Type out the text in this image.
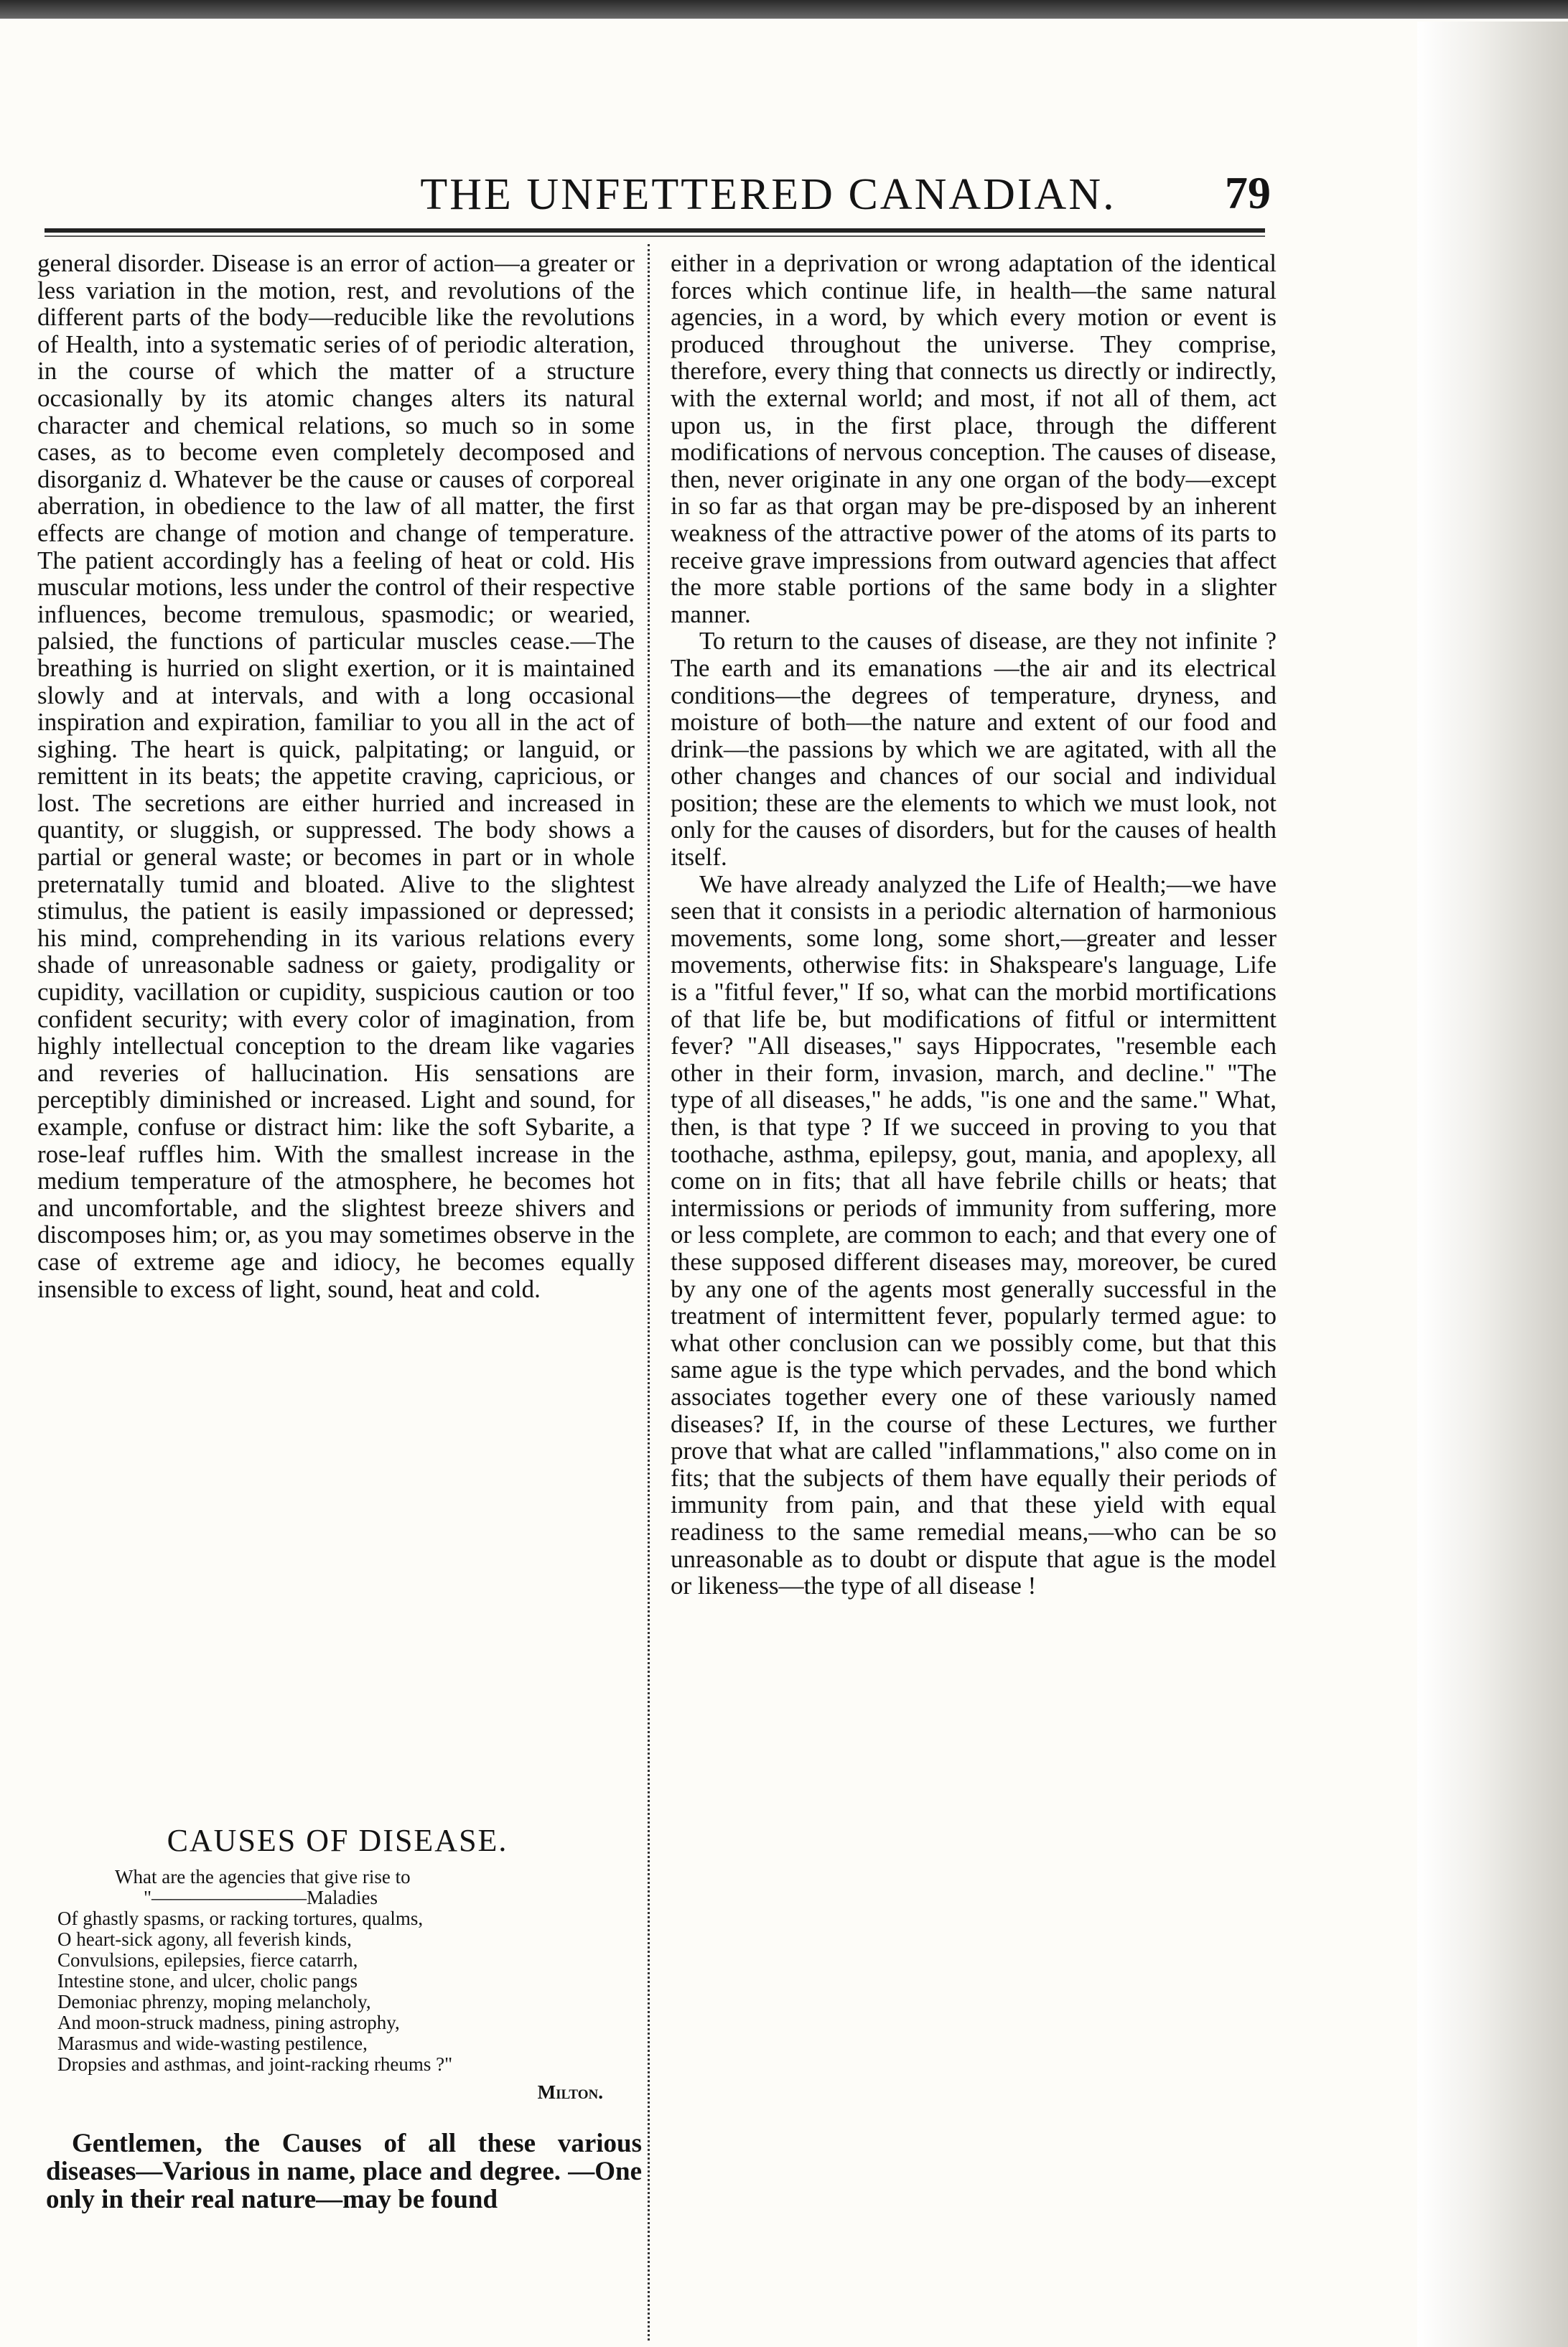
THE UNFETTERED CANADIAN.	79

general disorder. Disease is an error of action—a greater or less variation in the motion, rest, and revolutions of the different parts of the body—reducible like the revolutions of Health, into a systematic series of of periodic alteration, in the course of which the matter of a structure occasionally by its atomic changes alters its natural character and chemical relations, so much so in some cases, as to become even completely decomposed and disorganiz d. Whatever be the cause or causes of corporeal aberration, in obedience to the law of all matter, the first effects are change of motion and change of temperature. The patient accordingly has a feeling of heat or cold. His muscular motions, less under the control of their respective influences, become tremulous, spasmodic; or wearied, palsied, the functions of particular muscles cease.—The breathing is hurried on slight exertion, or it is maintained slowly and at intervals, and with a long occasional inspiration and expiration, familiar to you all in the act of sighing. The heart is quick, palpitating; or languid, or remittent in its beats; the appetite craving, capricious, or lost. The secretions are either hurried and increased in quantity, or sluggish, or suppressed. The body shows a partial or general waste; or becomes in part or in whole preternatally tumid and bloated. Alive to the slightest stimulus, the patient is easily impassioned or depressed; his mind, comprehending in its various relations every shade of unreasonable sadness or gaiety, prodigality or cupidity, vacillation or cupidity, suspicious caution or too confident security; with every color of imagination, from highly intellectual conception to the dream like vagaries and reveries of hallucination. His sensations are perceptibly diminished or increased. Light and sound, for example, confuse or distract him: like the soft Sybarite, a rose-leaf ruffles him. With the smallest increase in the medium temperature of the atmosphere, he becomes hot and uncomfortable, and the slightest breeze shivers and discomposes him; or, as you may sometimes observe in the case of extreme age and idiocy, he becomes equally insensible to excess of light, sound, heat and cold.

CAUSES OF DISEASE.
What are the agencies that give rise to
"————————Maladies
Of ghastly spasms, or racking tortures, qualms,
O heart-sick agony, all feverish kinds,
Convulsions, epilepsies, fierce catarrh,
Intestine stone, and ulcer, cholic pangs
Demoniac phrenzy, moping melancholy,
And moon-struck madness, pining astrophy,
Marasmus and wide-wasting pestilence,
Dropsies and asthmas, and joint-racking rheums ?"
Milton.

Gentlemen, the Causes of all these various diseases—Various in name, place and degree. —One only in their real nature—may be found

either in a deprivation or wrong adaptation of the identical forces which continue life, in health—the same natural agencies, in a word, by which every motion or event is produced throughout the universe. They comprise, therefore, every thing that connects us directly or indirectly, with the external world; and most, if not all of them, act upon us, in the first place, through the different modifications of nervous conception. The causes of disease, then, never originate in any one organ of the body—except in so far as that organ may be pre-disposed by an inherent weakness of the attractive power of the atoms of its parts to receive grave impressions from outward agencies that affect the more stable portions of the same body in a slighter manner.

To return to the causes of disease, are they not infinite ? The earth and its emanations —the air and its electrical conditions—the degrees of temperature, dryness, and moisture of both—the nature and extent of our food and drink—the passions by which we are agitated, with all the other changes and chances of our social and individual position; these are the elements to which we must look, not only for the causes of disorders, but for the causes of health itself.

We have already analyzed the Life of Health;—we have seen that it consists in a periodic alternation of harmonious movements, some long, some short,—greater and lesser movements, otherwise fits: in Shakspeare's language, Life is a "fitful fever," If so, what can the morbid mortifications of that life be, but modifications of fitful or intermittent fever? "All diseases," says Hippocrates, "resemble each other in their form, invasion, march, and decline." "The type of all diseases," he adds, "is one and the same." What, then, is that type ? If we succeed in proving to you that toothache, asthma, epilepsy, gout, mania, and apoplexy, all come on in fits; that all have febrile chills or heats; that intermissions or periods of immunity from suffering, more or less complete, are common to each; and that every one of these supposed different diseases may, moreover, be cured by any one of the agents most generally successful in the treatment of intermittent fever, popularly termed ague: to what other conclusion can we possibly come, but that this same ague is the type which pervades, and the bond which associates together every one of these variously named diseases? If, in the course of these Lectures, we further prove that what are called "inflammations," also come on in fits; that the subjects of them have equally their periods of immunity from pain, and that these yield with equal readiness to the same remedial means,—who can be so unreasonable as to doubt or dispute that ague is the model or likeness—the type of all disease !
